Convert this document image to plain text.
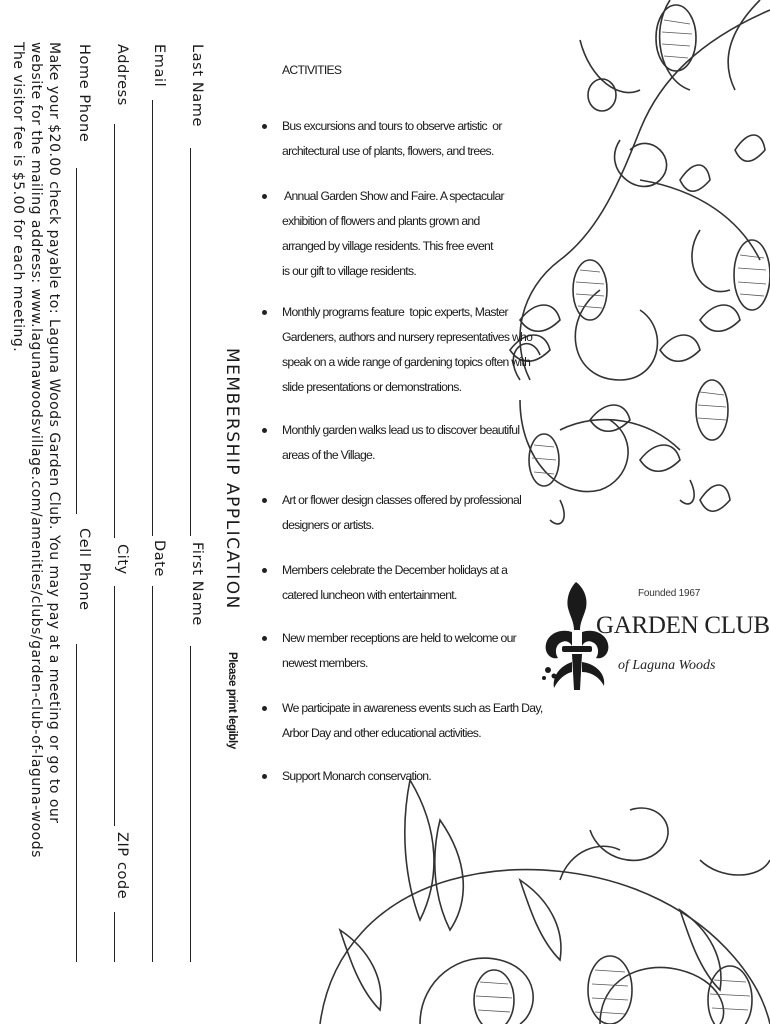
MEMBERSHIP APPLICATION
Please print legibly
Last Name
First Name
Email
Date
Address
City
ZIP code
Home Phone
Cell Phone
Make your $20.00 check payable to: Laguna Woods Garden Club. You may pay at a meeting or go to our
website for the mailing address: www.lagunawoodsvillage.com/amenities/clubs/garden-club-of-laguna-woods
The visitor fee is $5.00 for each meeting.	ACTIVITIES
Bus excursions and tours to observe artistic  or
architectural use of plants, flowers, and trees.
Annual Garden Show and Faire. A spectacular
exhibition of flowers and plants grown and
arranged by village residents. This free event
is our gift to village residents.
Monthly programs feature  topic experts, Master
Gardeners, authors and nursery representatives who
speak on a wide range of gardening topics often with
slide presentations or demonstrations.
Monthly garden walks lead us to discover beautiful
areas of the Village.
Art or flower design classes offered by professional
designers or artists.
Members celebrate the December holidays at a
catered luncheon with entertainment.
New member receptions are held to welcome our
newest members.
We participate in awareness events such as Earth Day,
Arbor Day and other educational activities.
Support Monarch conservation.
Founded 1967
GARDEN CLUB
of Laguna Woods
